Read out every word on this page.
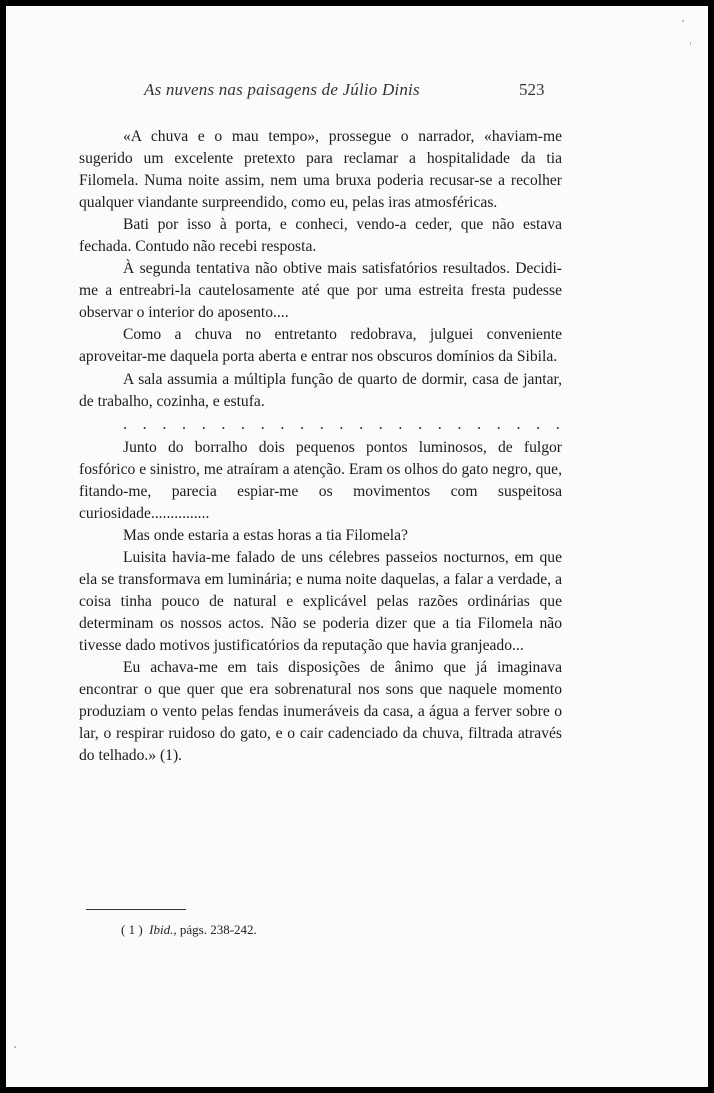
As nuvens nas paisagens de Júlio Dinis	523

«A chuva e o mau tempo», prossegue o narrador, «haviam-me sugerido um excelente pretexto para reclamar a hospitalidade da tia Filomela. Numa noite assim, nem uma bruxa poderia recusar-se a recolher qualquer viandante surpreendido, como eu, pelas iras atmosféricas.

Bati por isso à porta, e conheci, vendo-a ceder, que não estava fechada. Contudo não recebi resposta.

À segunda tentativa não obtive mais satisfatórios resultados. Decidi-me a entreabri-la cautelosamente até que por uma estreita fresta pudesse observar o interior do aposento....

Como a chuva no entretanto redobrava, julguei conveniente aproveitar-me daquela porta aberta e entrar nos obscuros domínios da Sibila.

A sala assumia a múltipla função de quarto de dormir, casa de jantar, de trabalho, cozinha, e estufa.

. . . . . . . . . . . . . . . . . . . . . . .

Junto do borralho dois pequenos pontos luminosos, de fulgor fosfórico e sinistro, me atraíram a atenção. Eram os olhos do gato negro, que, fitando-me, parecia espiar-me os movimentos com suspeitosa curiosidade...............

Mas onde estaria a estas horas a tia Filomela?

Luisita havia-me falado de uns célebres passeios nocturnos, em que ela se transformava em luminária; e numa noite daquelas, a falar a verdade, a coisa tinha pouco de natural e explicável pelas razões ordinárias que determinam os nossos actos. Não se poderia dizer que a tia Filomela não tivesse dado motivos justificatórios da reputação que havia granjeado...

Eu achava-me em tais disposições de ânimo que já imaginava encontrar o que quer que era sobrenatural nos sons que naquele momento produziam o vento pelas fendas inumeráveis da casa, a água a ferver sobre o lar, o respirar ruidoso do gato, e o cair cadenciado da chuva, filtrada através do telhado.» (1).

( 1 ) Ibid., págs. 238-242.
